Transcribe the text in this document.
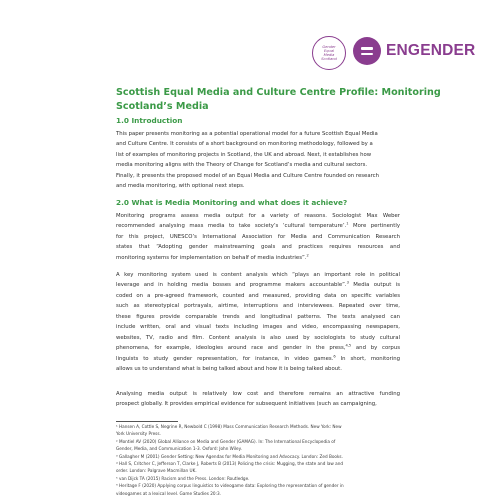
Gender
Equal
Media
Scotland
ENGENDER
Scottish Equal Media and Culture Centre Profile: Monitoring
Scotland’s Media
1.0 Introduction
This paper presents monitoring as a potential operational model for a future Scottish Equal Media
and Culture Centre. It consists of a short background on monitoring methodology, followed by a
list of examples of monitoring projects in Scotland, the UK and abroad. Next, it establishes how
media monitoring aligns with the Theory of Change for Scotland’s media and cultural sectors.
Finally, it presents the proposed model of an Equal Media and Culture Centre founded on research
and media monitoring, with optional next steps.
2.0 What is Media Monitoring and what does it achieve?
Monitoring programs assess media output for a variety of reasons. Sociologist Max Weber
recommended analysing mass media to take society’s ‘cultural temperature’.$^1$ More pertinently
for this project, UNESCO’s International Association for Media and Communication Research
states that “Adopting gender mainstreaming goals and practices requires resources and
monitoring systems for implementation on behalf of media industries”.$^2$
A key monitoring system used is content analysis which “plays an important role in political
leverage and in holding media bosses and programme makers accountable”.$^3$ Media output is
coded on a pre-agreed framework, counted and measured, providing data on specific variables
such as stereotypical portrayals, airtime, interruptions and interviewees. Repeated over time,
these figures provide comparable trends and longitudinal patterns. The texts analysed can
include written, oral and visual texts including images and video, encompassing newspapers,
websites, TV, radio and film. Content analysis is also used by sociologists to study cultural
phenomena, for example, ideologies around race and gender in the press,$^{4,5}$ and by corpus
linguists to study gender representation, for instance, in video games.$^6$ In short, monitoring
allows us to understand what is being talked about and how it is being talked about.
Analysing media output is relatively low cost and therefore remains an attractive funding
prospect globally. It provides empirical evidence for subsequent initiatives (such as campaigning,
¹ Hansen A, Cottle S, Negrine R, Newbold C (1998) Mass Communication Research Methods. New York: New
York University Press.
² Montiel AV (2020) Global Alliance on Media and Gender (GAMAG). In: The International Encyclopedia of
Gender, Media, and Communication 1-3. Oxford: John Wiley.
³ Gallagher M (2001) Gender Setting: New Agendas for Media Monitoring and Advocacy. London: Zed Books.
⁴ Hall S, Critcher C, Jefferson T, Clarke J, Roberts B (2013) Policing the crisis: Mugging, the state and law and
order. London: Palgrave Macmillan UK.
⁵ van Dijck TA (2015) Racism and the Press. London: Routledge.
⁶ Heritage F (2020) Applying corpus linguistics to videogame data: Exploring the representation of gender in
videogames at a lexical level. Game Studies 20:3.
